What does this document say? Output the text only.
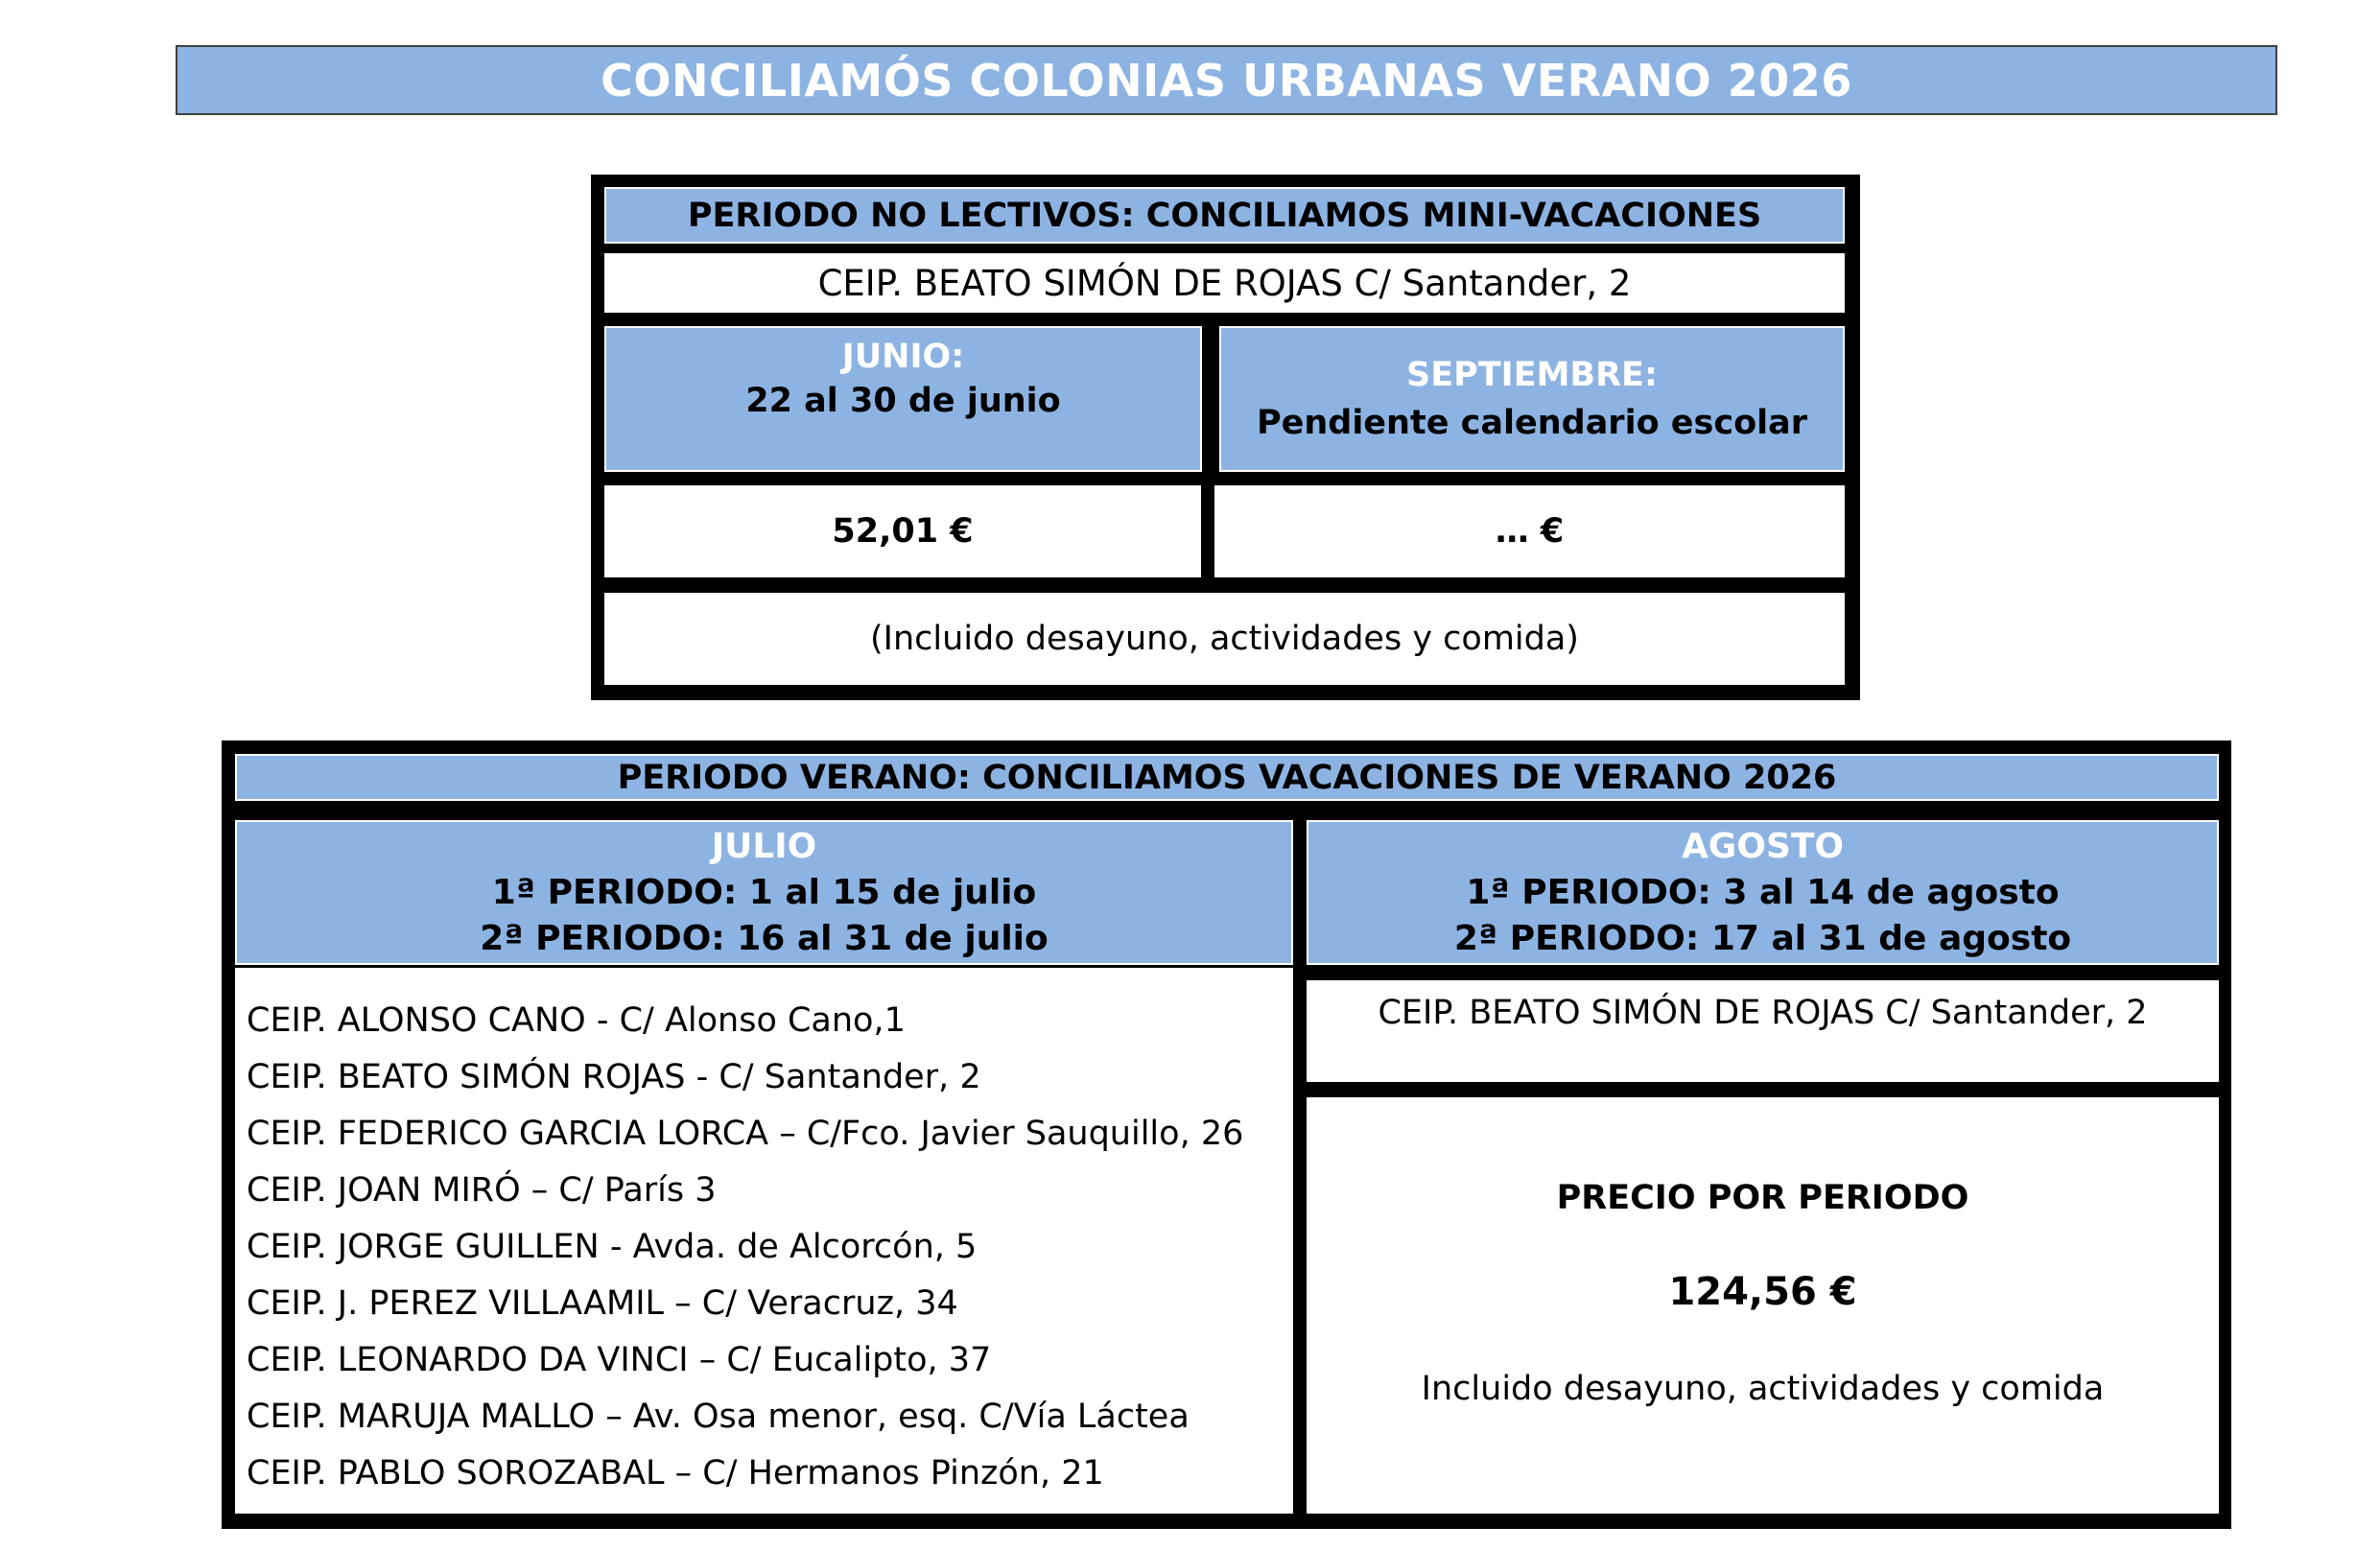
CONCILIAMÓS COLONIAS URBANAS VERANO 2026
PERIODO NO LECTIVOS: CONCILIAMOS MINI-VACACIONES
CEIP. BEATO SIMÓN DE ROJAS C/ Santander, 2
JUNIO:
22 al 30 de junio
SEPTIEMBRE:
Pendiente calendario escolar
52,01 €	… €
(Incluido desayuno, actividades y comida)
PERIODO VERANO: CONCILIAMOS VACACIONES DE VERANO 2026
JULIO
1ª PERIODO: 1 al 15 de julio
2ª PERIODO: 16 al 31 de julio
AGOSTO
1ª PERIODO: 3 al 14 de agosto
2ª PERIODO: 17 al 31 de agosto
CEIP. ALONSO CANO - C/ Alonso Cano,1
CEIP. BEATO SIMÓN ROJAS - C/ Santander, 2
CEIP. FEDERICO GARCIA LORCA – C/Fco. Javier Sauquillo, 26
CEIP. JOAN MIRÓ – C/ París 3
CEIP. JORGE GUILLEN - Avda. de Alcorcón, 5
CEIP. J. PEREZ VILLAAMIL – C/ Veracruz, 34
CEIP. LEONARDO DA VINCI – C/ Eucalipto, 37
CEIP. MARUJA MALLO – Av. Osa menor, esq. C/Vía Láctea
CEIP. PABLO SOROZABAL – C/ Hermanos Pinzón, 21
CEIP. BEATO SIMÓN DE ROJAS C/ Santander, 2
PRECIO POR PERIODO
124,56 €
Incluido desayuno, actividades y comida
